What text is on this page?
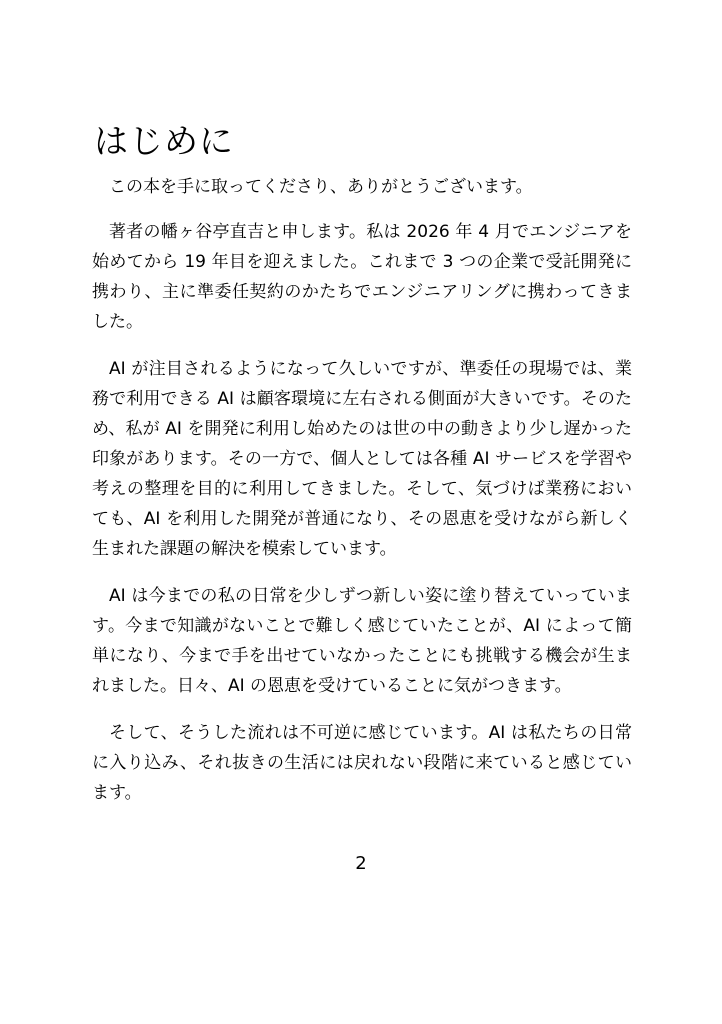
はじめに

この本を手に取ってくださり、ありがとうございます。

著者の幡ヶ谷亭直吉と申します。私は 2026 年 4 月でエンジニアを始めてから 19 年目を迎えました。これまで 3 つの企業で受託開発に携わり、主に準委任契約のかたちでエンジニアリングに携わってきました。

AI が注目されるようになって久しいですが、準委任の現場では、業務で利用できる AI は顧客環境に左右される側面が大きいです。そのため、私が AI を開発に利用し始めたのは世の中の動きより少し遅かった印象があります。その一方で、個人としては各種 AI サービスを学習や考えの整理を目的に利用してきました。そして、気づけば業務においても、AI を利用した開発が普通になり、その恩恵を受けながら新しく生まれた課題の解決を模索しています。

AI は今までの私の日常を少しずつ新しい姿に塗り替えていっています。今まで知識がないことで難しく感じていたことが、AI によって簡単になり、今まで手を出せていなかったことにも挑戦する機会が生まれました。日々、AI の恩恵を受けていることに気がつきます。

そして、そうした流れは不可逆に感じています。AI は私たちの日常に入り込み、それ抜きの生活には戻れない段階に来ていると感じています。

2
